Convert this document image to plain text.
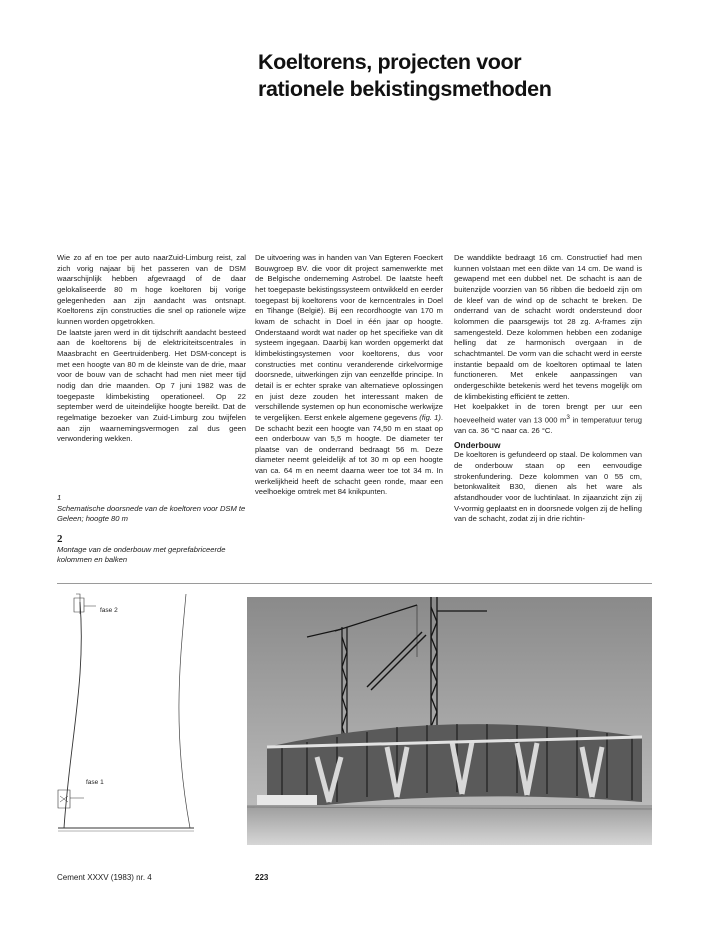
Koeltorens, projecten voor
rationele bekistingsmethoden

Wie zo af en toe per auto naarZuid-Limburg reist, zal zich vorig najaar bij het passeren van de DSM waarschijnlijk hebben afgevraagd of de daar gelokaliseerde 80 m hoge koeltoren bij vorige gelegenheden aan zijn aandacht was ontsnapt. Koeltorens zijn constructies die snel op rationele wijze kunnen worden opgetrokken.

De laatste jaren werd in dit tijdschrift aandacht besteed aan de koeltorens bij de elektriciteitscentrales in Maasbracht en Geertruidenberg. Het DSM-concept is met een hoogte van 80 m de kleinste van de drie, maar voor de bouw van de schacht had men niet meer tijd nodig dan drie maanden. Op 7 juni 1982 was de toegepaste klimbekisting operationeel. Op 22 september werd de uiteindelijke hoogte bereikt. Dat de regelmatige bezoeker van Zuid-Limburg zou twijfelen aan zijn waarnemingsvermogen zal dus geen verwondering wekken.

1
Schematische doorsnede van de koeltoren voor DSM te Geleen; hoogte 80 m
2
Montage van de onderbouw met geprefabriceerde kolommen en balken

De uitvoering was in handen van Van Egteren Foeckert Bouwgroep BV. die voor dit project samenwerkte met de Belgische onderneming Astrobel. De laatste heeft het toegepaste bekistingssysteem ontwikkeld en eerder toegepast bij koeltorens voor de kerncentrales in Doel en Tihange (België). Bij een recordhoogte van 170 m kwam de schacht in Doel in één jaar op hoogte. Onderstaand wordt wat nader op het specifieke van dit systeem ingegaan. Daarbij kan worden opgemerkt dat klimbekistingsystemen voor koeltorens, dus voor constructies met continu veranderende cirkelvormige doorsnede, uitwerkingen zijn van eenzelfde principe. In detail is er echter sprake van alternatieve oplossingen en juist deze zouden het interessant maken de verschillende systemen op hun economische werkwijze te vergelijken. Eerst enkele algemene gegevens (fig. 1). De schacht bezit een hoogte van 74,50 m en staat op een onderbouw van 5,5 m hoogte. De diameter ter plaatse van de onderrand bedraagt 56 m. Deze diameter neemt geleidelijk af tot 30 m op een hoogte van ca. 64 m en neemt daarna weer toe tot 34 m. In werkelijkheid heeft de schacht geen ronde, maar een veelhoekige omtrek met 84 knikpunten.

De wanddikte bedraagt 16 cm. Constructief had men kunnen volstaan met een dikte van 14 cm. De wand is gewapend met een dubbel net. De schacht is aan de buitenzijde voorzien van 56 ribben die bedoeld zijn om de kleef van de wind op de schacht te breken. De onderrand van de schacht wordt ondersteund door kolommen die paarsgewijs tot 28 zg. A-frames zijn samengesteld. Deze kolommen hebben een zodanige helling dat ze harmonisch overgaan in de schachtmantel. De vorm van die schacht werd in eerste instantie bepaald om de koeltoren optimaal te laten functioneren. Met enkele aanpassingen van ondergeschikte betekenis werd het tevens mogelijk om de klimbekisting efficiënt te zetten.

Het koelpakket in de toren brengt per uur een hoeveelheid water van 13 000 $m^3$ in temperatuur terug van ca. 36 °C naar ca. 26 °C.

Onderbouw

De koeltoren is gefundeerd op staal. De kolommen van de onderbouw staan op een eenvoudige strokenfundering. Deze kolommen van 0 55 cm, betonkwaliteit B30, dienen als het ware als afstandhouder voor de luchtinlaat. In zijaanzicht zijn zij V-vormig geplaatst en in doorsnede volgen zij de helling van de schacht, zodat zij in drie richtin-

fase 2
fase 1
Cement XXXV (1983) nr. 4	223
